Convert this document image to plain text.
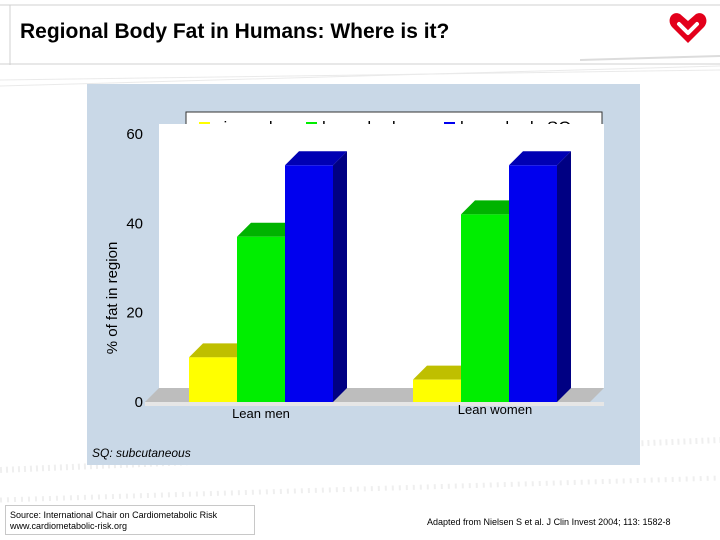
Regional Body Fat in Humans: Where is it?
0
20
40
60
% of fat in region
Lean men	Lean women
SQ: subcutaneous
Source: International Chair on Cardiometabolic Risk
www.cardiometabolic-risk.org	Adapted from Nielsen S et al. J Clin Invest 2004; 113: 1582-8
